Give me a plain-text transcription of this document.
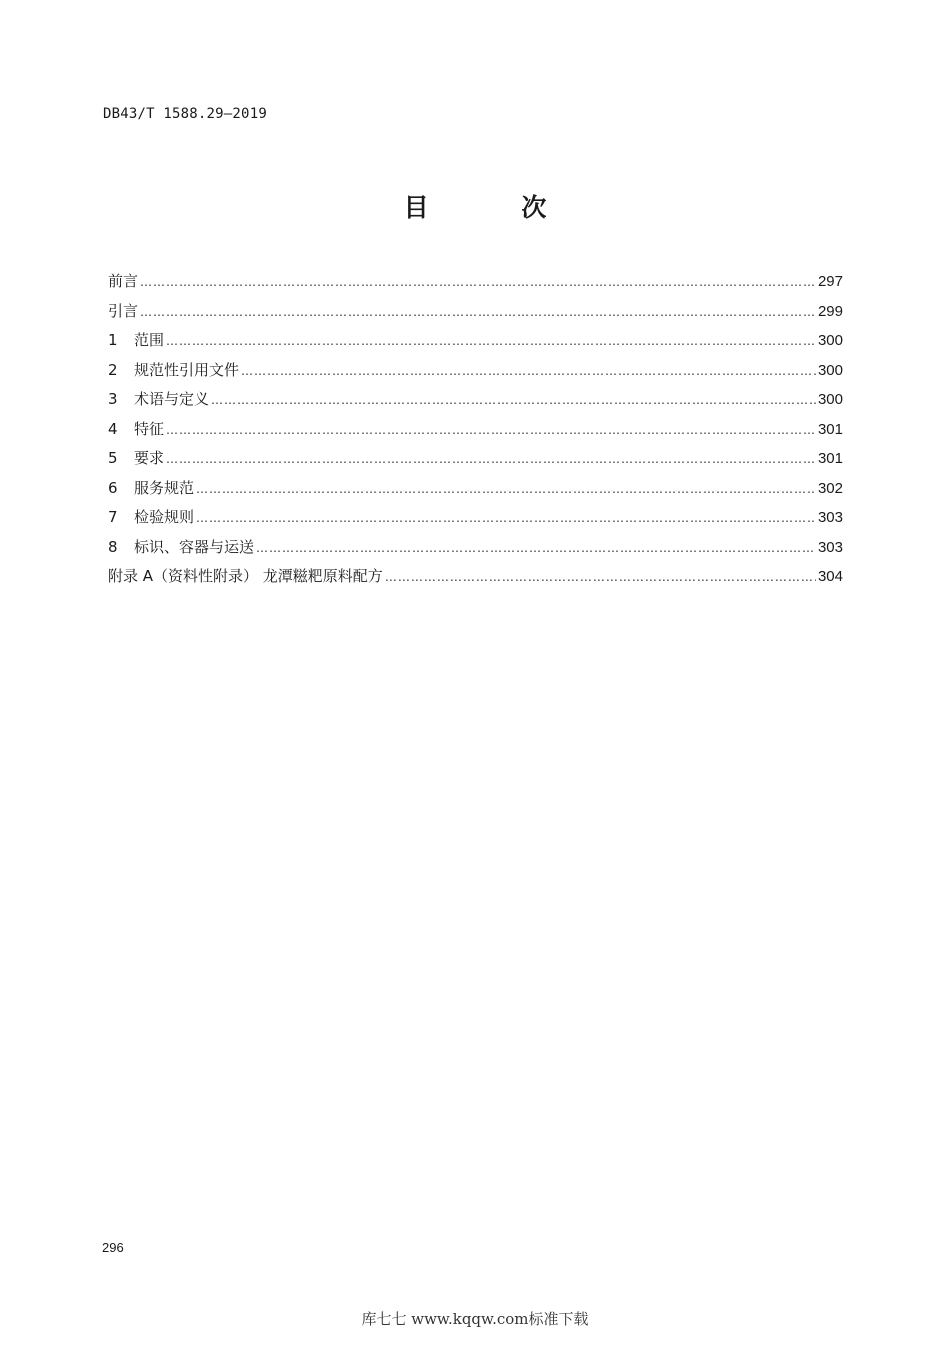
DB43/T 1588.29—2019
目 次
前言 …………………………………………………………………………………………………………………………………………………………………………………………………………	297
引言 …………………………………………………………………………………………………………………………………………………………………………………………………………	299
1	范围 …………………………………………………………………………………………………………………………………………………………………………………………………………	300
2	规范性引用文件 …………………………………………………………………………………………………………………………………………………………………………………………………………	300
3	术语与定义 …………………………………………………………………………………………………………………………………………………………………………………………………………	300
4	特征 …………………………………………………………………………………………………………………………………………………………………………………………………………	301
5	要求 …………………………………………………………………………………………………………………………………………………………………………………………………………	301
6	服务规范 …………………………………………………………………………………………………………………………………………………………………………………………………………	302
7	检验规则 …………………………………………………………………………………………………………………………………………………………………………………………………………	303
8	标识、容器与运送 …………………………………………………………………………………………………………………………………………………………………………………………………………	303
附录 A（资料性附录） 龙潭糍粑原料配方 …………………………………………………………………………………………………………………………………………………………………………………………………………	304
296
库七七 www.kqqw.com标准下载
